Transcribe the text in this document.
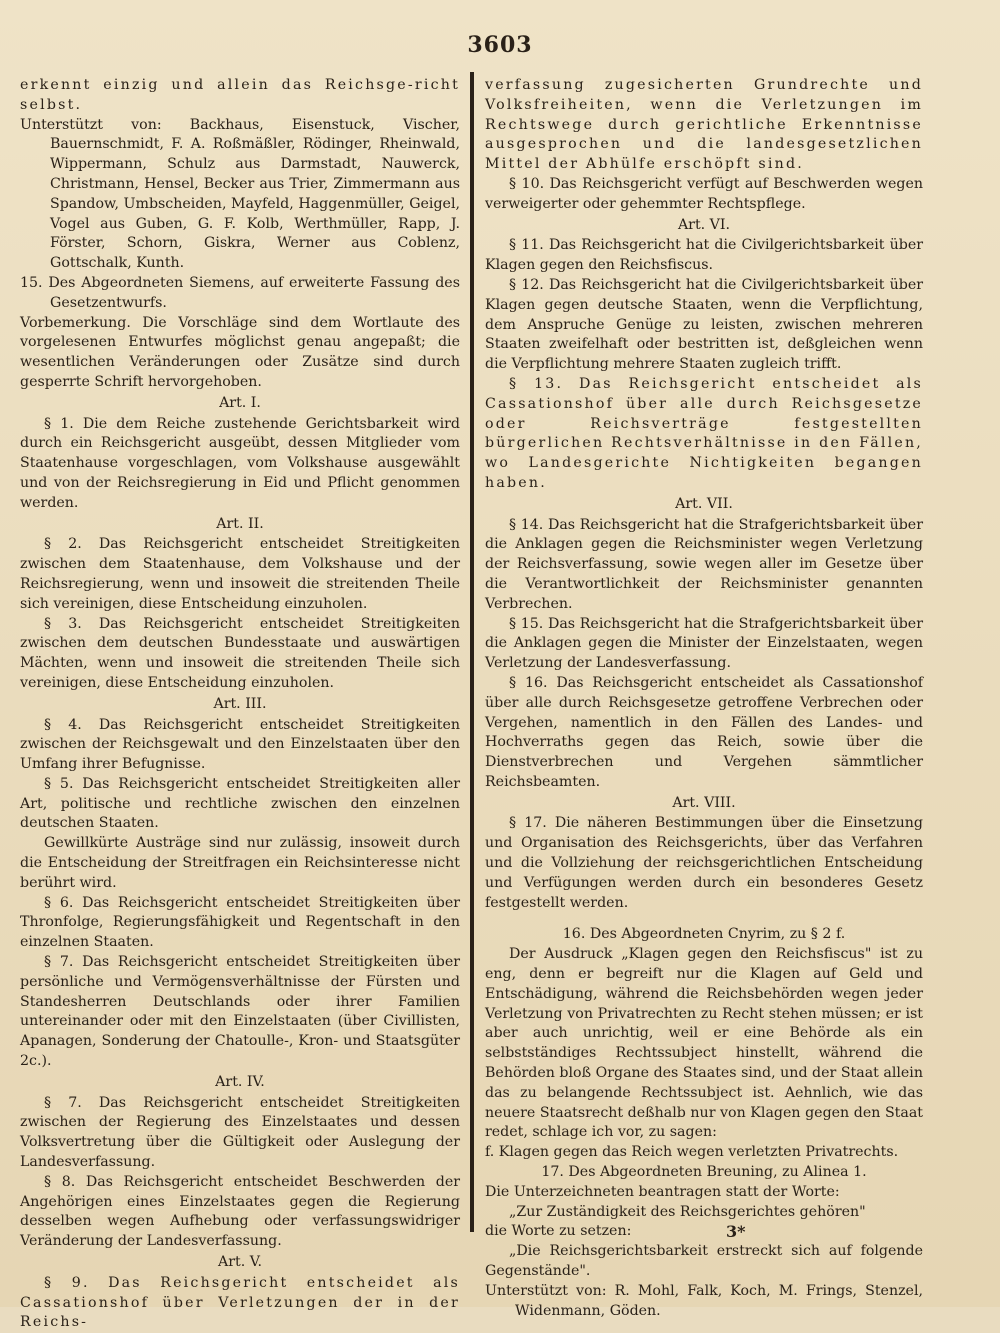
3603

erkennt einzig und allein das Reichsge-richt selbst.

Unterstützt von: Backhaus, Eisenstuck, Vischer, Bauernschmidt, F. A. Roßmäßler, Rödinger, Rheinwald, Wippermann, Schulz aus Darmstadt, Nauwerck, Christmann, Hensel, Becker aus Trier, Zimmermann aus Spandow, Umbscheiden, Mayfeld, Haggenmüller, Geigel, Vogel aus Guben, G. F. Kolb, Werthmüller, Rapp, J. Förster, Schorn, Giskra, Werner aus Coblenz, Gottschalk, Kunth.

15. Des Abgeordneten Siemens, auf erweiterte Fassung des Gesetzentwurfs.

Vorbemerkung. Die Vorschläge sind dem Wortlaute des vorgelesenen Entwurfes möglichst genau angepaßt; die wesentlichen Veränderungen oder Zusätze sind durch gesperrte Schrift hervorgehoben.

Art. I.

§ 1. Die dem Reiche zustehende Gerichtsbarkeit wird durch ein Reichsgericht ausgeübt, dessen Mitglieder vom Staatenhause vorgeschlagen, vom Volkshause ausgewählt und von der Reichsregierung in Eid und Pflicht genommen werden.

Art. II.

§ 2. Das Reichsgericht entscheidet Streitigkeiten zwischen dem Staatenhause, dem Volkshause und der Reichsregierung, wenn und insoweit die streitenden Theile sich vereinigen, diese Entscheidung einzuholen.

§ 3. Das Reichsgericht entscheidet Streitigkeiten zwischen dem deutschen Bundesstaate und auswärtigen Mächten, wenn und insoweit die streitenden Theile sich vereinigen, diese Entscheidung einzuholen.

Art. III.

§ 4. Das Reichsgericht entscheidet Streitigkeiten zwischen der Reichsgewalt und den Einzelstaaten über den Umfang ihrer Befugnisse.

§ 5. Das Reichsgericht entscheidet Streitigkeiten aller Art, politische und rechtliche zwischen den einzelnen deutschen Staaten.

Gewillkürte Austräge sind nur zulässig, insoweit durch die Entscheidung der Streitfragen ein Reichsinteresse nicht berührt wird.

§ 6. Das Reichsgericht entscheidet Streitigkeiten über Thronfolge, Regierungsfähigkeit und Regentschaft in den einzelnen Staaten.

§ 7. Das Reichsgericht entscheidet Streitigkeiten über persönliche und Vermögensverhältnisse der Fürsten und Standesherren Deutschlands oder ihrer Familien untereinander oder mit den Einzelstaaten (über Civillisten, Apanagen, Sonderung der Chatoulle-, Kron- und Staatsgüter 2c.).

Art. IV.

§ 7. Das Reichsgericht entscheidet Streitigkeiten zwischen der Regierung des Einzelstaates und dessen Volksvertretung über die Gültigkeit oder Auslegung der Landesverfassung.

§ 8. Das Reichsgericht entscheidet Beschwerden der Angehörigen eines Einzelstaates gegen die Regierung desselben wegen Aufhebung oder verfassungswidriger Veränderung der Landesverfassung.

Art. V.

§ 9. Das Reichsgericht entscheidet als Cassationshof über Verletzungen der in der Reichs-

verfassung zugesicherten Grundrechte und Volksfreiheiten, wenn die Verletzungen im Rechtswege durch gerichtliche Erkenntnisse ausgesprochen und die landesgesetzlichen Mittel der Abhülfe erschöpft sind.

§ 10. Das Reichsgericht verfügt auf Beschwerden wegen verweigerter oder gehemmter Rechtspflege.

Art. VI.

§ 11. Das Reichsgericht hat die Civilgerichtsbarkeit über Klagen gegen den Reichsfiscus.

§ 12. Das Reichsgericht hat die Civilgerichtsbarkeit über Klagen gegen deutsche Staaten, wenn die Verpflichtung, dem Anspruche Genüge zu leisten, zwischen mehreren Staaten zweifelhaft oder bestritten ist, deßgleichen wenn die Verpflichtung mehrere Staaten zugleich trifft.

§ 13. Das Reichsgericht entscheidet als Cassationshof über alle durch Reichsgesetze oder Reichsverträge festgestellten bürgerlichen Rechtsverhältnisse in den Fällen, wo Landesgerichte Nichtigkeiten begangen haben.

Art. VII.

§ 14. Das Reichsgericht hat die Strafgerichtsbarkeit über die Anklagen gegen die Reichsminister wegen Verletzung der Reichsverfassung, sowie wegen aller im Gesetze über die Verantwortlichkeit der Reichsminister genannten Verbrechen.

§ 15. Das Reichsgericht hat die Strafgerichtsbarkeit über die Anklagen gegen die Minister der Einzelstaaten, wegen Verletzung der Landesverfassung.

§ 16. Das Reichsgericht entscheidet als Cassationshof über alle durch Reichsgesetze getroffene Verbrechen oder Vergehen, namentlich in den Fällen des Landes- und Hochverraths gegen das Reich, sowie über die Dienstverbrechen und Vergehen sämmtlicher Reichsbeamten.

Art. VIII.

§ 17. Die näheren Bestimmungen über die Einsetzung und Organisation des Reichsgerichts, über das Verfahren und die Vollziehung der reichsgerichtlichen Entscheidung und Verfügungen werden durch ein besonderes Gesetz festgestellt werden.

16. Des Abgeordneten Cnyrim, zu § 2 f.

Der Ausdruck „Klagen gegen den Reichsfiscus" ist zu eng, denn er begreift nur die Klagen auf Geld und Entschädigung, während die Reichsbehörden wegen jeder Verletzung von Privatrechten zu Recht stehen müssen; er ist aber auch unrichtig, weil er eine Behörde als ein selbstständiges Rechtssubject hinstellt, während die Behörden bloß Organe des Staates sind, und der Staat allein das zu belangende Rechtssubject ist. Aehnlich, wie das neuere Staatsrecht deßhalb nur von Klagen gegen den Staat redet, schlage ich vor, zu sagen:

f. Klagen gegen das Reich wegen verletzten Privatrechts.

17. Des Abgeordneten Breuning, zu Alinea 1.

Die Unterzeichneten beantragen statt der Worte:

„Zur Zuständigkeit des Reichsgerichtes gehören"

die Worte zu setzen:

„Die Reichsgerichtsbarkeit erstreckt sich auf folgende Gegenstände".

Unterstützt von: R. Mohl, Falk, Koch, M. Frings, Stenzel, Widenmann, Göden.

3*
